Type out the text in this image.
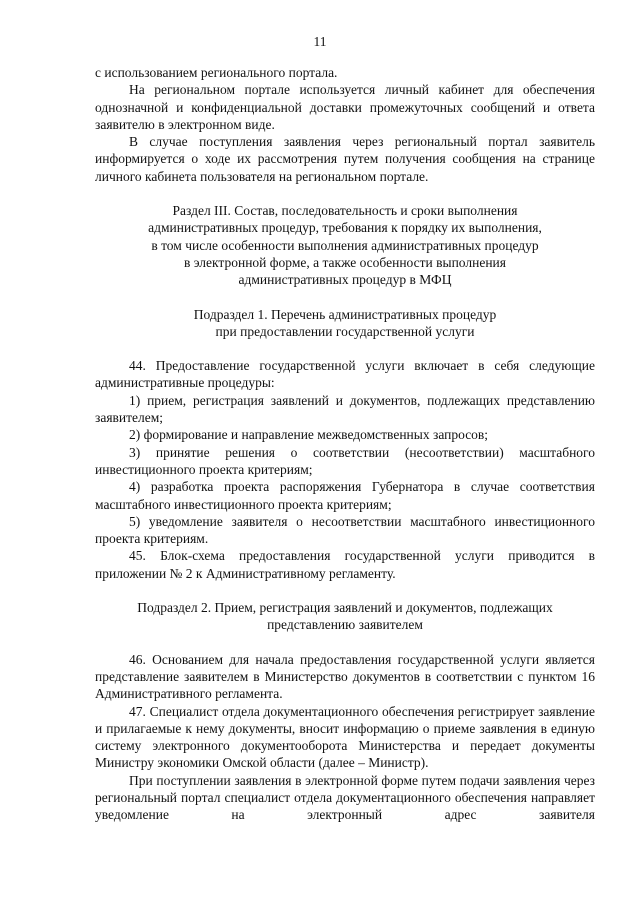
11

с использованием регионального портала.

На региональном портале используется личный кабинет для обеспечения однозначной и конфиденциальной доставки промежуточных сообщений и ответа заявителю в электронном виде.

В случае поступления заявления через региональный портал заявитель информируется о ходе их рассмотрения путем получения сообщения на странице личного кабинета пользователя на региональном портале.

Раздел III. Состав, последовательность и сроки выполнения

административных процедур, требования к порядку их выполнения,

в том числе особенности выполнения административных процедур

в электронной форме, а также особенности выполнения

административных процедур в МФЦ

Подраздел 1. Перечень административных процедур

при предоставлении государственной услуги

44. Предоставление государственной услуги включает в себя следующие административные процедуры:

1) прием, регистрация заявлений и документов, подлежащих представлению заявителем;

2) формирование и направление межведомственных запросов;

3) принятие решения о соответствии (несоответствии) масштабного инвестиционного проекта критериям;

4) разработка проекта распоряжения Губернатора в случае соответствия масштабного инвестиционного проекта критериям;

5) уведомление заявителя о несоответствии масштабного инвестиционного проекта критериям.

45. Блок-схема предоставления государственной услуги приводится в приложении № 2 к Административному регламенту.

Подраздел 2. Прием, регистрация заявлений и документов, подлежащих

представлению заявителем

46. Основанием для начала предоставления государственной услуги является представление заявителем в Министерство документов в соответствии с пунктом 16 Административного регламента.

47. Специалист отдела документационного обеспечения регистрирует заявление и прилагаемые к нему документы, вносит информацию о приеме заявления в единую систему электронного документооборота Министерства и передает документы Министру экономики Омской области (далее – Министр).

При поступлении заявления в электронной форме путем подачи заявления через региональный портал специалист отдела документационного обеспечения направляет уведомление на электронный адрес заявителя
